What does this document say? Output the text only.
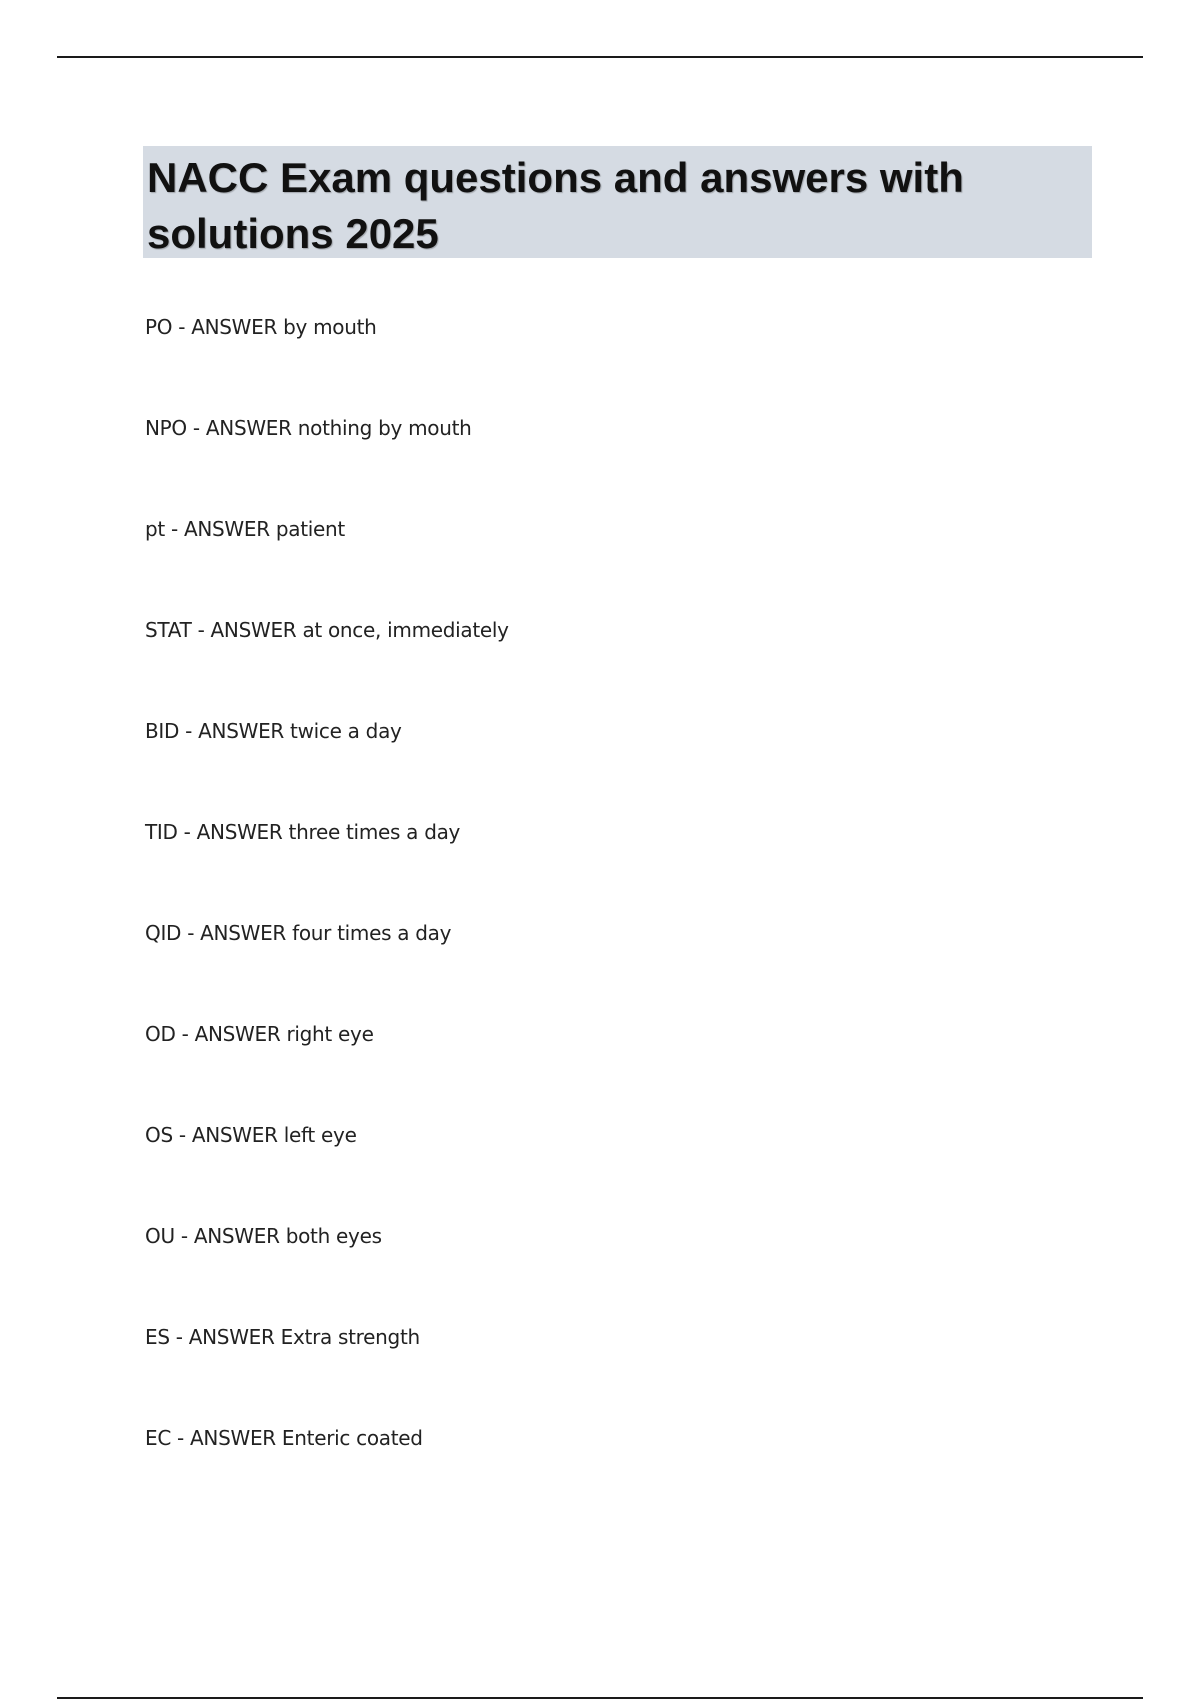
NACC Exam questions and answers with solutions 2025
PO - ANSWER by mouth
NPO - ANSWER nothing by mouth
pt - ANSWER patient
STAT - ANSWER at once, immediately
BID - ANSWER twice a day
TID - ANSWER three times a day
QID - ANSWER four times a day
OD - ANSWER right eye
OS - ANSWER left eye
OU - ANSWER both eyes
ES - ANSWER Extra strength
EC - ANSWER Enteric coated
